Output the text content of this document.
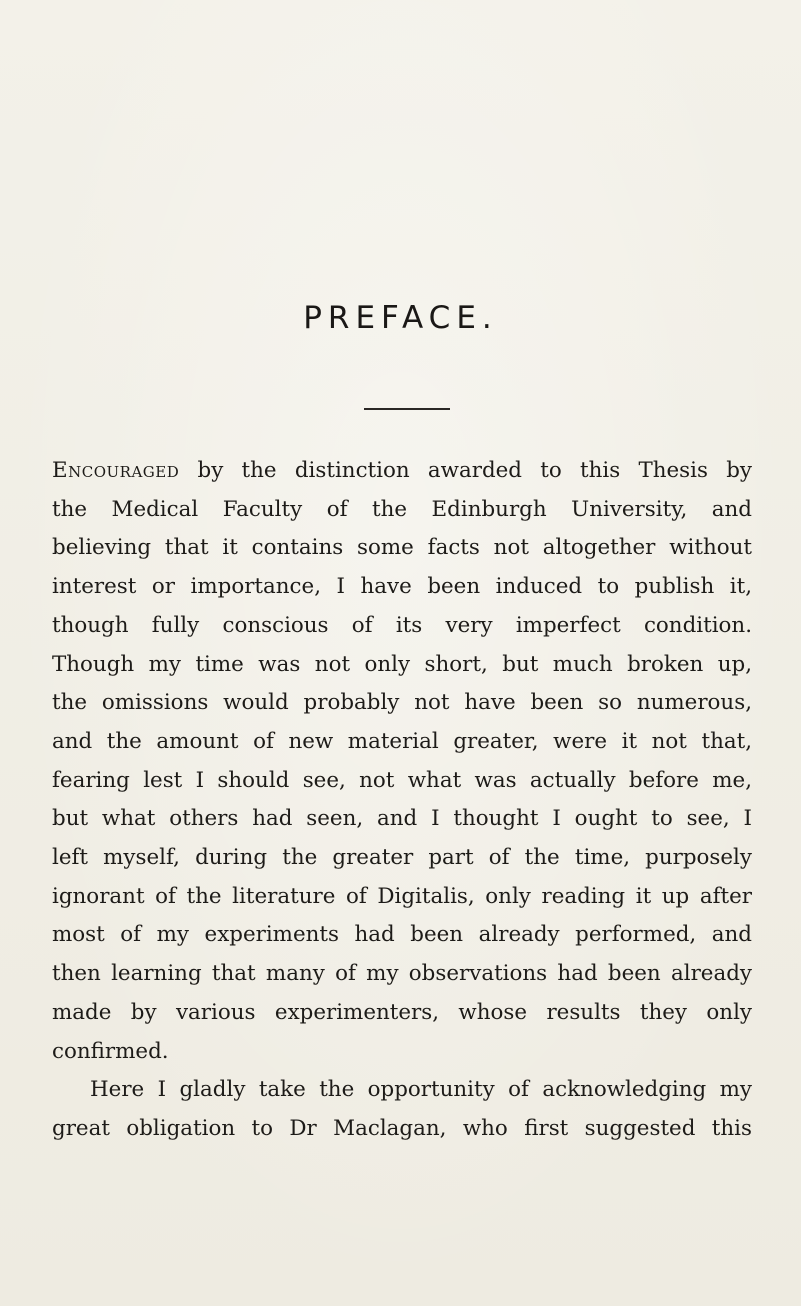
PREFACE.
Encouraged by the distinction awarded to this Thesis by
the Medical Faculty of the Edinburgh University, and
believing that it contains some facts not altogether without
interest or importance, I have been induced to publish it,
though fully conscious of its very imperfect condition.
Though my time was not only short, but much broken up,
the omissions would probably not have been so numerous,
and the amount of new material greater, were it not that,
fearing lest I should see, not what was actually before me,
but what others had seen, and I thought I ought to see, I
left myself, during the greater part of the time, purposely
ignorant of the literature of Digitalis, only reading it up after
most of my experiments had been already performed, and
then learning that many of my observations had been already
made by various experimenters, whose results they only
confirmed.
Here I gladly take the opportunity of acknowledging my
great obligation to Dr Maclagan, who first suggested this
